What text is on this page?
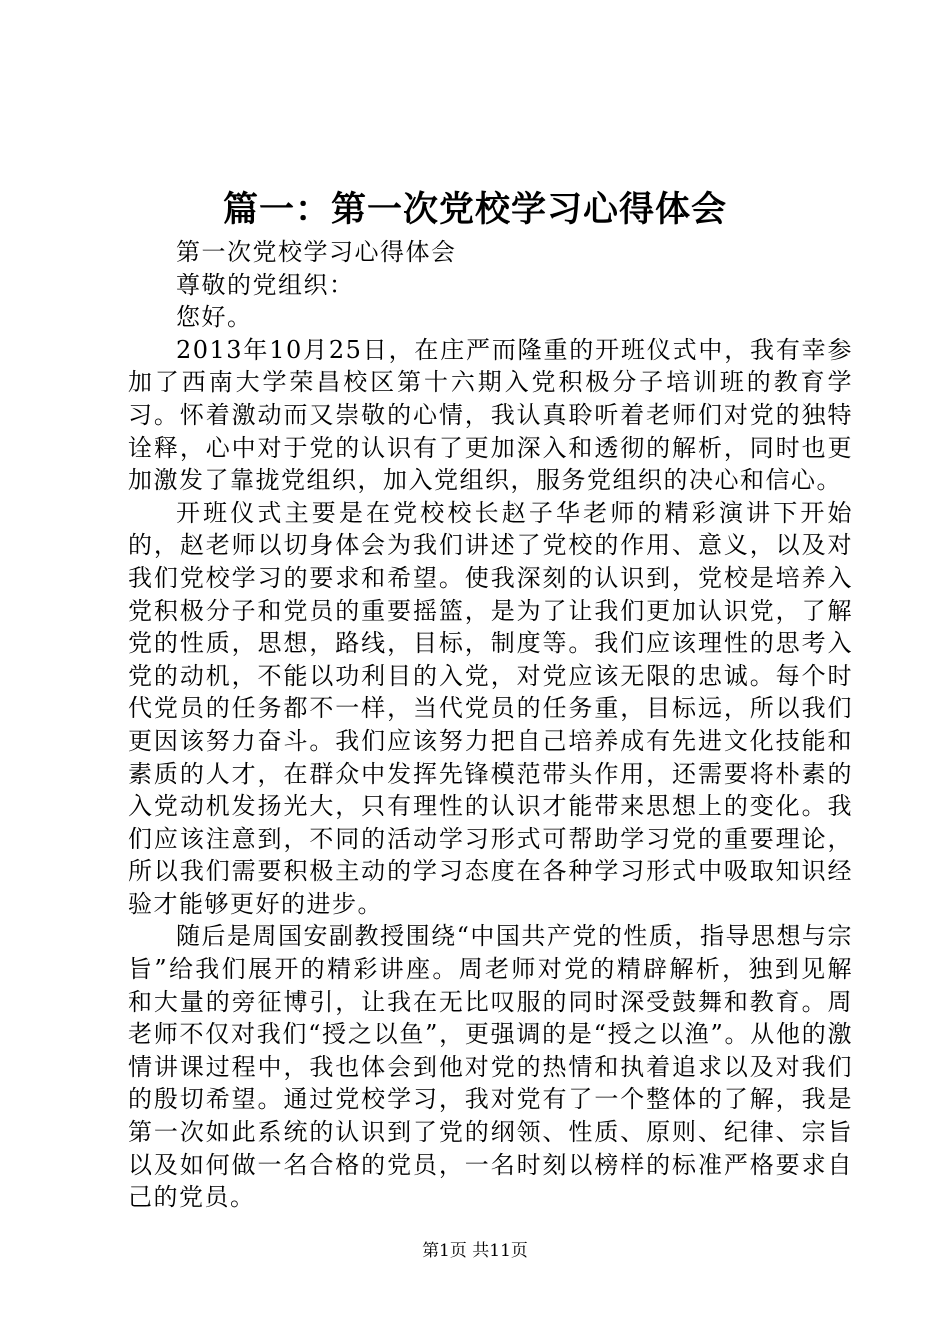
篇一：第一次党校学习心得体会

第一次党校学习心得体会

尊敬的党组织：

您好。

2013年10月25日，在庄严而隆重的开班仪式中，我有幸参加了西南大学荣昌校区第十六期入党积极分子培训班的教育学习。怀着激动而又崇敬的心情，我认真聆听着老师们对党的独特诠释，心中对于党的认识有了更加深入和透彻的解析，同时也更加激发了靠拢党组织，加入党组织，服务党组织的决心和信心。

开班仪式主要是在党校校长赵子华老师的精彩演讲下开始的，赵老师以切身体会为我们讲述了党校的作用、意义，以及对我们党校学习的要求和希望。使我深刻的认识到，党校是培养入党积极分子和党员的重要摇篮，是为了让我们更加认识党，了解党的性质，思想，路线，目标，制度等。我们应该理性的思考入党的动机，不能以功利目的入党，对党应该无限的忠诚。每个时代党员的任务都不一样，当代党员的任务重，目标远，所以我们更因该努力奋斗。我们应该努力把自己培养成有先进文化技能和素质的人才，在群众中发挥先锋模范带头作用，还需要将朴素的入党动机发扬光大，只有理性的认识才能带来思想上的变化。我们应该注意到，不同的活动学习形式可帮助学习党的重要理论，所以我们需要积极主动的学习态度在各种学习形式中吸取知识经验才能够更好的进步。

随后是周国安副教授围绕“中国共产党的性质，指导思想与宗旨”给我们展开的精彩讲座。周老师对党的精辟解析，独到见解和大量的旁征博引，让我在无比叹服的同时深受鼓舞和教育。周老师不仅对我们“授之以鱼”，更强调的是“授之以渔”。从他的激情讲课过程中，我也体会到他对党的热情和执着追求以及对我们的殷切希望。通过党校学习，我对党有了一个整体的了解，我是第一次如此系统的认识到了党的纲领、性质、原则、纪律、宗旨以及如何做一名合格的党员，一名时刻以榜样的标准严格要求自己的党员。

第1页 共11页
